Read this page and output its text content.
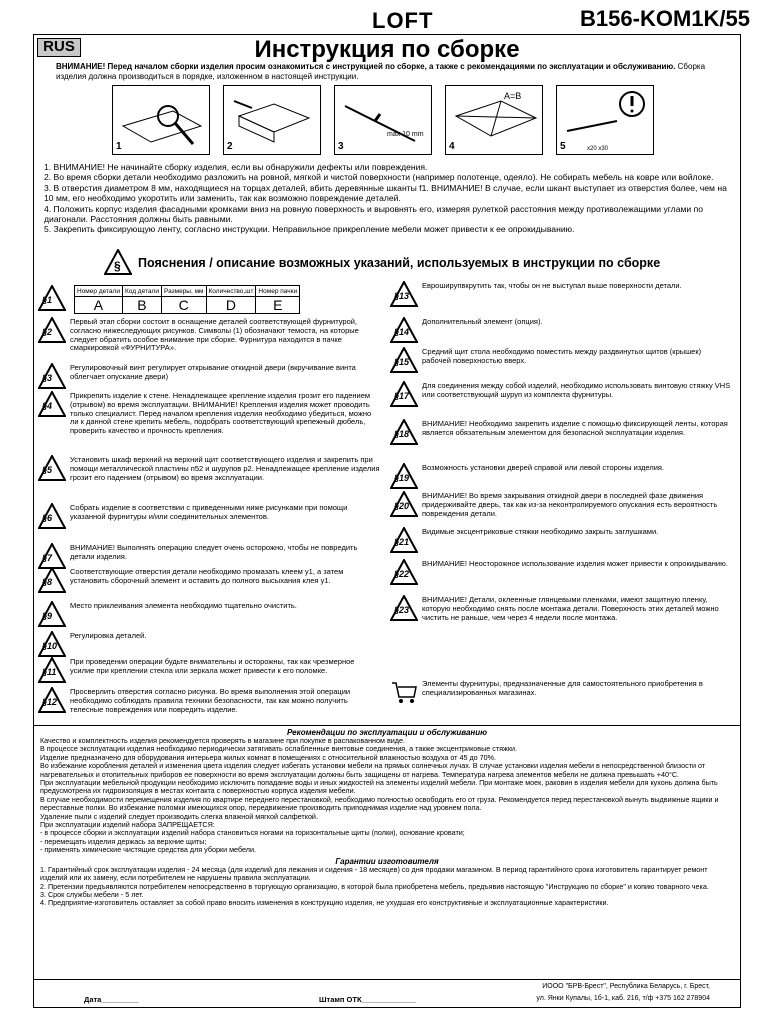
LOFT	B156-KOM1K/55
RUS	Инструкция по сборке
ВНИМАНИЕ! Перед началом сборки изделия просим ознакомиться с инструкцией по сборке, а также с рекомендациями по эксплуатации и обслуживанию. Сборка изделия должна производиться в порядке, изложенном в настоящей инструкции.
1	2
max 10 mm
3
A=B
4	x20 x30
5
1. ВНИМАНИЕ! Не начинайте сборку изделия, если вы обнаружили дефекты или повреждения.
2. Во время сборки детали необходимо разложить на ровной, мягкой и чистой поверхности (например полотенце, одеяло). Не собирать мебель на ковре или войлоке.
3. В отверстия диаметром 8 мм, находящиеся на торцах деталей, вбить деревянные шканты f1. ВНИМАНИЕ! В случае, если шкант выступает из отверстия более, чем на 10 мм, его необходимо укоротить или заменить, так как возможно повреждение деталей.
4. Положить корпус изделия фасадными кромками вниз на ровную поверхность и выровнять его, измеряя рулеткой расстояния между противолежащими углами по диагонали. Расстояния должны быть равными.
5. Закрепить фиксирующую ленту, согласно инструкции. Неправильное прикрепление мебели может привести к ее опрокидыванию.
§ Пояснения / описание возможных указаний, используемых в инструкции по сборке
Номер детали	Код детали	Размеры, мм	Количество,шт	Номер пачки
A	B	C	D	E
§1
§2
Первый этап сборки состоит в оснащение деталей соответствующей фурнитурой, согласно нижеследующих рисунков. Символы (1) обозначают темоста, на которые следует обратить особое внимание при сборке. Фурнитура находится в пачке смаркировкой «ФУРНИТУРА».
§3
Регулировочный винт регулирует открывание откидной двери (вкручивание винта облегчает опускание двери)
§4
Прикрепить изделие к стене. Ненадлежащее крепление изделия грозит его падением (отрывом) во время эксплуатации. ВНИМАНИЕ! Крепления изделия может проводить только специалист. Перед началом крепления изделия необходимо убедиться, можно ли к данной стене крепить мебель, подобрать соответствующий крепежный дюбель, проверить качество и прочность крепления.
§5
Установить шкаф верхний на верхний щит соответствующего изделия и закрепить при помощи металлической пластины п52 и шурупов р2. Ненадлежащее крепление изделия грозит его падением (отрывом) во время эксплуатации.
§6
Собрать изделие в соответствии с приведенными ниже рисунками при помощи указанной фурнитуры и/или соединительных элементов.
§7
ВНИМАНИЕ! Выполнять операцию следует очень осторожно, чтобы не повредить детали изделия.
§8
Соответствующие отверстия детали необходимо промазать клеем у1, а затем установить сборочный элемент и оставить до полного высыхания клея у1.
§9
Место приклеивания элемента необходимо тщательно очистить.
§10
Регулировка деталей.
§11
При проведении операции будьте внимательны и осторожны, так как чрезмерное усилие при креплении стекла или зеркала может привести к его поломке.
§12
Просверлить отверстия согласно рисунка. Во время выполнения этой операции необходимо соблюдать правила техники безопасности, так как можно получить телесные повреждения или повредить изделие.
§13
Евроширупвкрутить так, чтобы он не выступал выше поверхности детали.
§14
Дополнительный элемент (опция).
§15
Средний щит стола необходимо поместить между раздвинутых щитов (крышек) рабочей поверхностью вверх.
§17
Для соединения между собой изделий, необходимо использовать винтовую стяжку VHS или соответствующий шуруп из комплекта фурнитуры.
§18
ВНИМАНИЕ! Необходимо закрепить изделие с помощью фиксирующей ленты, которая является обязательным элементом для безопасной эксплуатации изделия.
§19
Возможность установки дверей справой или левой стороны изделия.
§20
ВНИМАНИЕ! Во время закрывания откидной двери в последней фазе движения придерживайте дверь, так как из-за неконтролируемого опускания есть вероятность повреждения детали.
§21
Видимые эксцентриковые стяжки необходимо закрыть заглушками.
§22
ВНИМАНИЕ! Неосторожное использование изделия может привести к опрокидыванию.
§23
ВНИМАНИЕ! Детали, оклеенные глянцевыми пленками, имеют защитную пленку, которую необходимо снять после монтажа детали. Поверхность этих деталей можно чистить не раньше, чем через 4 недели после монтажа.
Элементы фурнитуры, предназначенные для самостоятельного приобретения в специализированных магазинах.
Рекомендации по эксплуатации и обслуживанию
Качество и комплектность изделия рекомендуется проверять в магазине при покупке в распакованном виде.
В процессе эксплуатации изделия необходимо периодически затягивать ослабленные винтовые соединения, а также эксцентриковые стяжки.
Изделие предназначено для оборудования интерьера жилых комнат в помещениях с относительной влажностью воздуха от 45 до 70%.
Во избежание коробления деталей и изменения цвета изделия следует избегать установки мебели на прямых солнечных лучах. В случае установки изделия мебели в непосредственной близости от нагревательных и отопительных приборов ее поверхности во время эксплуатации должны быть защищены от нагрева. Температура нагрева элементов мебели не должна превышать +40°C.
При эксплуатации мебельной продукции необходимо исключить попадание воды и иных жидкостей на элементы изделий мебели. При монтаже моек, раковин в изделия мебели для кухонь должна быть предусмотрена их гидроизоляция в местах контакта с поверхностью корпуса изделия мебели.
В случае необходимости перемещения изделия по квартире переднего перестановкой, необходимо полностью освободить его от груза. Рекомендуется перед перестановкой вынуть выдвижные ящики и переставные полки. Во избежание поломки имеющихся опор, передвижение производить приподнимая изделие над уровнем пола.
Удаление пыли с изделий следует производить слегка влажной мягкой салфеткой.
При эксплуатации изделий набора ЗАПРЕЩАЕТСЯ:
- в процессе сборки и эксплуатации изделий набора становиться ногами на горизонтальные щиты (полки), основание кровати;
- перемещать изделия держась за верхние щиты;
- применять химические чистящие средства для уборки мебели.
Гарантии изготовителя
1. Гарантийный срок эксплуатации изделия - 24 месяца (для изделий для лежания и сидения - 18 месяцев) со дня продажи магазином. В период гарантийного срока изготовитель гарантирует ремонт изделий или их замену, если потребителем не нарушены правила эксплуатации.
2. Претензии предъявляются потребителем непосредственно в торгующую организацию, в которой была приобретена мебель, предъявив настоящую "Инструкцию по сборке" и копию товарного чека.
3. Срок службы мебели - 5 лет.
4. Предприятие-изготовитель оставляет за собой право вносить изменения в конструкцию изделия, не ухудшая его конструктивные и эксплуатационные характеристики.
Дата_________	Штамп ОТК_____________
ИООО "БРВ-Брест", Республика Беларусь, г. Брест,
ул. Янки Купалы, 1б-1, каб. 216, т/ф +375 162 278904
